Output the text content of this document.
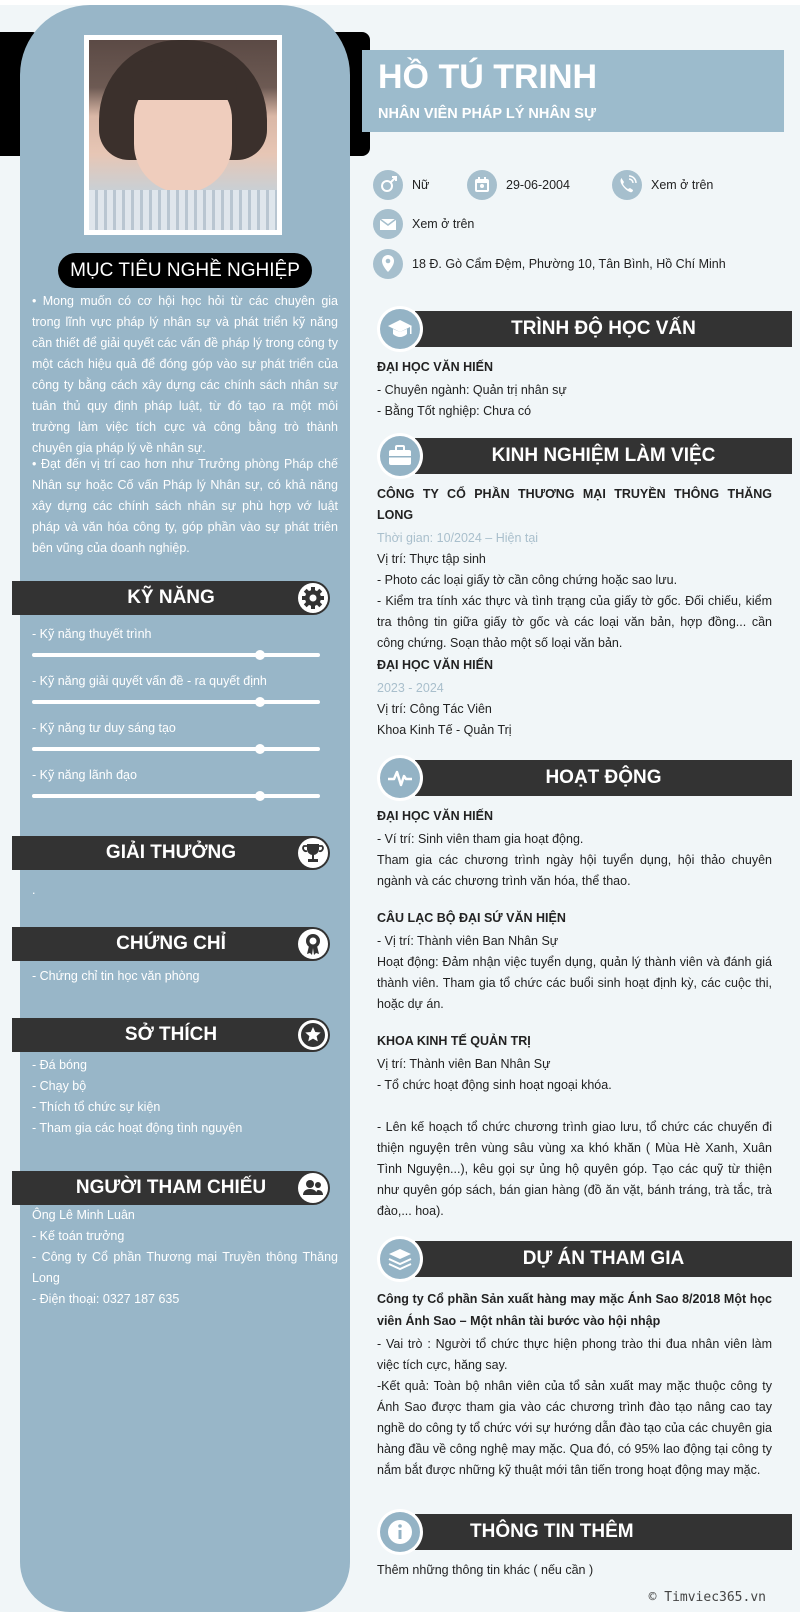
MỤC TIÊU NGHỀ NGHIỆP
• Mong muốn có cơ hội học hỏi từ các chuyên gia trong lĩnh vực pháp lý nhân sự và phát triển kỹ năng cần thiết để giải quyết các vấn đề pháp lý trong công ty một cách hiệu quả để đóng góp vào sự phát triển của công ty bằng cách xây dựng các chính sách nhân sự tuân thủ quy định pháp luật, từ đó tạo ra một môi trường làm việc tích cực và công bằng trò thành chuyên gia pháp lý về nhân sự.
• Đạt đến vị trí cao hơn như Trưởng phòng Pháp chế Nhân sự hoặc Cố vấn Pháp lý Nhân sự, có khả năng xây dựng các chính sách nhân sự phù hợp vớ luật pháp và văn hóa công ty, góp phần vào sự phát triên bên vũng của doanh nghiệp.
KỸ NĂNG
- Kỹ năng thuyết trình
- Kỹ năng giải quyết vấn đề - ra quyết định
- Kỹ năng tư duy sáng tạo
- Kỹ năng lãnh đạo
GIẢI THƯỞNG
.
CHỨNG CHỈ
- Chứng chỉ tin học văn phòng
SỞ THÍCH
- Đá bóng
- Chạy bộ
- Thích tổ chức sự kiện
- Tham gia các hoạt động tình nguyện
NGƯỜI THAM CHIẾU
Ông Lê Minh Luân
- Kế toán trưởng
- Công ty Cổ phần Thương mại Truyền thông Thăng Long
- Điện thoại: 0327 187 635
HỒ TÚ TRINH
NHÂN VIÊN PHÁP LÝ NHÂN SỰ
Nữ	29-06-2004	Xem ở trên
Xem ở trên
18 Đ. Gò Cẩm Đệm, Phường 10, Tân Bình, Hồ Chí Minh
TRÌNH ĐỘ HỌC VẤN
ĐẠI HỌC VĂN HIẾN
- Chuyên ngành: Quản trị nhân sự
- Bằng Tốt nghiệp: Chưa có
KINH NGHIỆM LÀM VIỆC
CÔNG TY CỔ PHẦN THƯƠNG MẠI TRUYỀN THÔNG THĂNG LONG
Thời gian: 10/2024 – Hiện tại
Vị trí: Thực tập sinh
- Photo các loại giấy tờ cần công chứng hoặc sao lưu.
- Kiểm tra tính xác thực và tình trạng của giấy tờ gốc. Đối chiếu, kiểm tra thông tin giữa giấy tờ gốc và các loại văn bản, hợp đồng... cần công chứng. Soạn thảo một số loại văn bản.
ĐẠI HỌC VĂN HIẾN
2023 - 2024
Vị trí: Công Tác Viên
Khoa Kinh Tế - Quản Trị
HOẠT ĐỘNG
ĐẠI HỌC VĂN HIẾN
- Ví trí: Sinh viên tham gia hoạt động.
Tham gia các chương trình ngày hội tuyển dụng, hội thảo chuyên ngành và các chương trình văn hóa, thể thao.
CÂU LẠC BỘ ĐẠI SỨ VĂN HIỆN
- Vị trí: Thành viên Ban Nhân Sự
Hoạt động: Đảm nhận việc tuyển dụng, quản lý thành viên và đánh giá thành viên. Tham gia tổ chức các buổi sinh hoạt định kỳ, các cuộc thi, hoặc dự án.
KHOA KINH TẾ QUẢN TRỊ
Vị trí: Thành viên Ban Nhân Sự
- Tổ chức hoạt động sinh hoạt ngoại khóa.
- Lên kế hoạch tổ chức chương trình giao lưu, tổ chức các chuyến đi thiện nguyện trên vùng sâu vùng xa khó khăn ( Mùa Hè Xanh, Xuân Tình Nguyện...), kêu gọi sự ủng hộ quyên góp. Tạo các quỹ từ thiện như quyên góp sách, bán gian hàng (đồ ăn vặt, bánh tráng, trà tắc, trà đào,... hoa).
DỰ ÁN THAM GIA
Công ty Cổ phần Sản xuất hàng may mặc Ánh Sao 8/2018 Một học viên Ánh Sao – Một nhân tài bước vào hội nhập
- Vai trò : Người tổ chức thực hiện phong trào thi đua nhân viên làm việc tích cực, hăng say.
-Kết quả: Toàn bộ nhân viên của tổ sản xuất may mặc thuộc công ty Ánh Sao được tham gia vào các chương trình đào tạo nâng cao tay nghề do công ty tổ chức với sự hướng dẫn đào tạo của các chuyên gia hàng đầu về công nghệ may mặc. Qua đó, có 95% lao động tại công ty nắm bắt được những kỹ thuật mới tân tiến trong hoạt động may mặc.
THÔNG TIN THÊM
Thêm những thông tin khác ( nếu cần )
© Timviec365.vn
